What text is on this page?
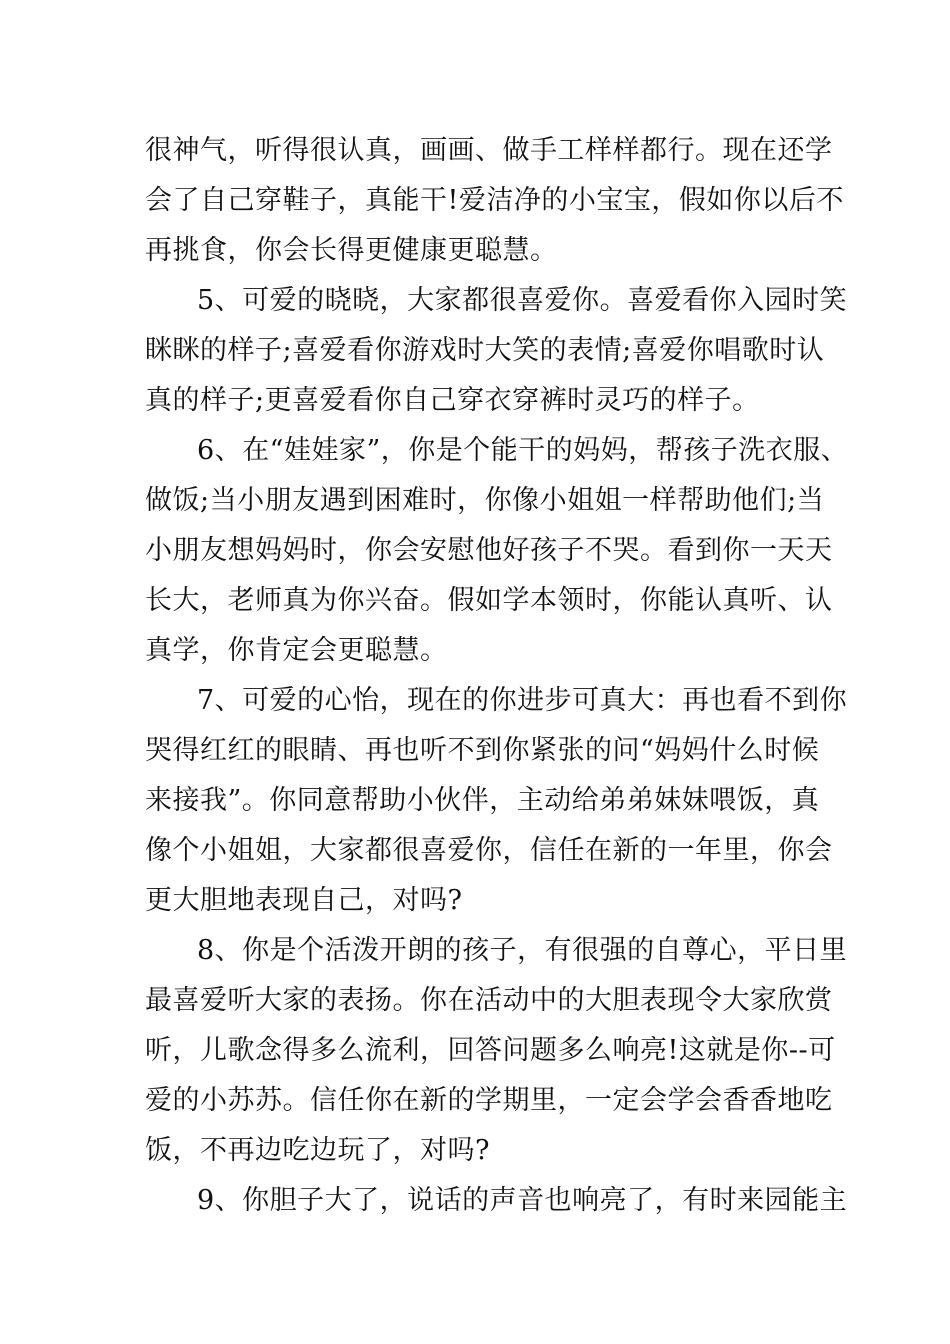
很神气，听得很认真，画画、做手工样样都行。现在还学
会了自己穿鞋子，真能干!爱洁净的小宝宝，假如你以后不
再挑食，你会长得更健康更聪慧。
5、可爱的晓晓，大家都很喜爱你。喜爱看你入园时笑
眯眯的样子;喜爱看你游戏时大笑的表情;喜爱你唱歌时认
真的样子;更喜爱看你自己穿衣穿裤时灵巧的样子。
6、在“娃娃家”，你是个能干的妈妈，帮孩子洗衣服、
做饭;当小朋友遇到困难时，你像小姐姐一样帮助他们;当
小朋友想妈妈时，你会安慰他好孩子不哭。看到你一天天
长大，老师真为你兴奋。假如学本领时，你能认真听、认
真学，你肯定会更聪慧。
7、可爱的心怡，现在的你进步可真大：再也看不到你
哭得红红的眼睛、再也听不到你紧张的问“妈妈什么时候
来接我”。你同意帮助小伙伴，主动给弟弟妹妹喂饭，真
像个小姐姐，大家都很喜爱你，信任在新的一年里，你会
更大胆地表现自己，对吗?
8、你是个活泼开朗的孩子，有很强的自尊心，平日里
最喜爱听大家的表扬。你在活动中的大胆表现令大家欣赏
听，儿歌念得多么流利，回答问题多么响亮!这就是你--可
爱的小苏苏。信任你在新的学期里，一定会学会香香地吃
饭，不再边吃边玩了，对吗?
9、你胆子大了，说话的声音也响亮了，有时来园能主
